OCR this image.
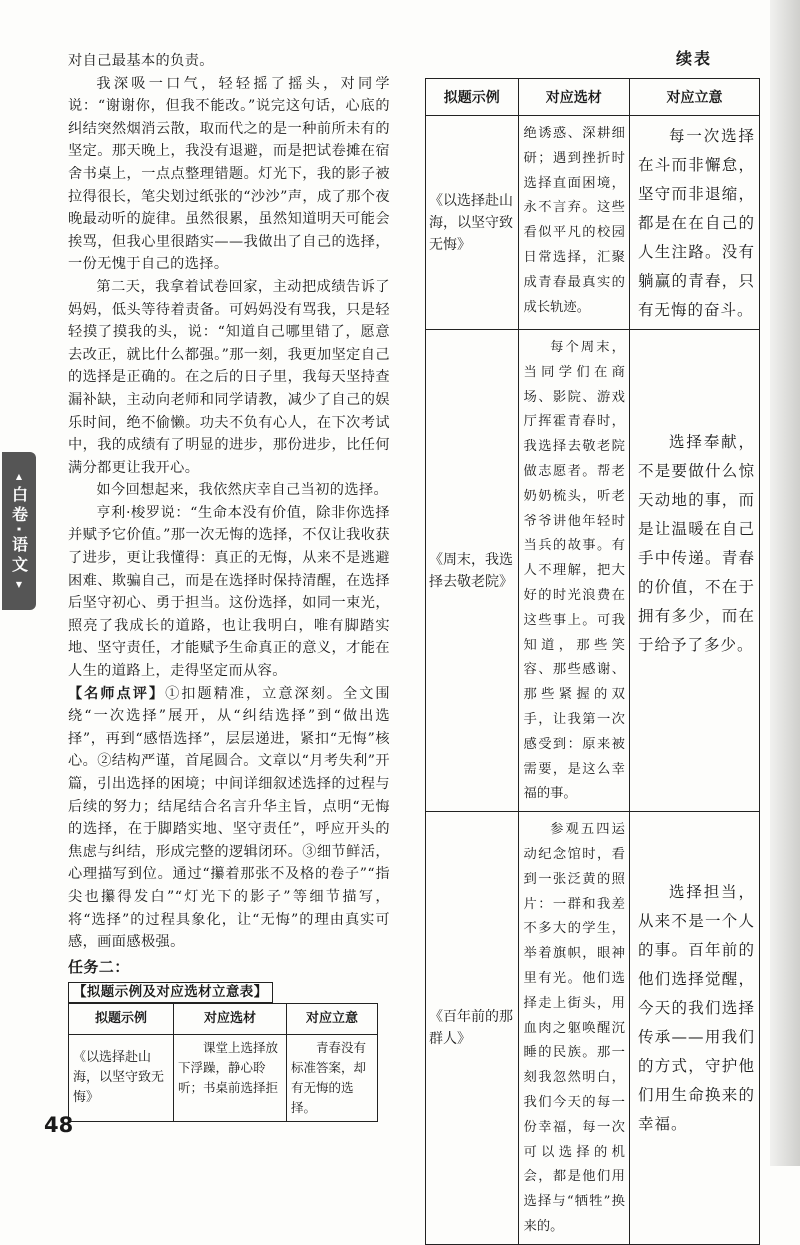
对自己最基本的负责。

我深吸一口气，轻轻摇了摇头，对同学说：“谢谢你，但我不能改。”说完这句话，心底的纠结突然烟消云散，取而代之的是一种前所未有的坚定。那天晚上，我没有退避，而是把试卷摊在宿舍书桌上，一点点整理错题。灯光下，我的影子被拉得很长，笔尖划过纸张的“沙沙”声，成了那个夜晚最动听的旋律。虽然很累，虽然知道明天可能会挨骂，但我心里很踏实——我做出了自己的选择，一份无愧于自己的选择。

第二天，我拿着试卷回家，主动把成绩告诉了妈妈，低头等待着责备。可妈妈没有骂我，只是轻轻摸了摸我的头，说：“知道自己哪里错了，愿意去改正，就比什么都强。”那一刻，我更加坚定自己的选择是正确的。在之后的日子里，我每天坚持查漏补缺，主动向老师和同学请教，减少了自己的娱乐时间，绝不偷懒。功夫不负有心人，在下次考试中，我的成绩有了明显的进步，那份进步，比任何满分都更让我开心。

如今回想起来，我依然庆幸自己当初的选择。

亨利·梭罗说：“生命本没有价值，除非你选择并赋予它价值。”那一次无悔的选择，不仅让我收获了进步，更让我懂得：真正的无悔，从来不是逃避困难、欺骗自己，而是在选择时保持清醒，在选择后坚守初心、勇于担当。这份选择，如同一束光，照亮了我成长的道路，也让我明白，唯有脚踏实地、坚守责任，才能赋予生命真正的意义，才能在人生的道路上，走得坚定而从容。

【名师点评】①扣题精准，立意深刻。全文围绕“一次选择”展开，从“纠结选择”到“做出选择”，再到“感悟选择”，层层递进，紧扣“无悔”核心。②结构严谨，首尾圆合。文章以“月考失利”开篇，引出选择的困境；中间详细叙述选择的过程与后续的努力；结尾结合名言升华主旨，点明“无悔的选择，在于脚踏实地、坚守责任”，呼应开头的焦虑与纠结，形成完整的逻辑闭环。③细节鲜活，心理描写到位。通过“攥着那张不及格的卷子”“指尖也攥得发白”“灯光下的影子”等细节描写，将“选择”的过程具象化，让“无悔”的理由真实可感，画面感极强。

任务二：

【拟题示例及对应选材立意表】
拟题示例	对应选材	对应立意
《以选择赴山海，以坚守致无悔》	课堂上选择放下浮躁，静心聆听；书桌前选择拒	青春没有标准答案，却有无悔的选择。
▲
白卷·语文
▼
48
续表
拟题示例	对应选材	对应立意
《以选择赴山海，以坚守致无悔》	绝诱惑、深耕细研；遇到挫折时选择直面困境，永不言弃。这些看似平凡的校园日常选择，汇聚成青春最真实的成长轨迹。	每一次选择在斗而非懈怠，坚守而非退缩，都是在在自己的人生注路。没有躺赢的青春，只有无悔的奋斗。

《周末，我选择去敬老院》	每个周末，当同学们在商场、影院、游戏厅挥霍青春时，我选择去敬老院做志愿者。帮老奶奶梳头，听老爷爷讲他年轻时当兵的故事。有人不理解，把大好的时光浪费在这些事上。可我知道，那些笑容、那些感谢、那些紧握的双手，让我第一次感受到：原来被需要，是这么幸福的事。	选择奉献，不是要做什么惊天动地的事，而是让温暖在自己手中传递。青春的价值，不在于拥有多少，而在于给予了多少。

《百年前的那群人》	参观五四运动纪念馆时，看到一张泛黄的照片：一群和我差不多大的学生，举着旗帜，眼神里有光。他们选择走上街头，用血肉之躯唤醒沉睡的民族。那一刻我忽然明白，我们今天的每一份幸福，每一次可以选择的机会，都是他们用选择与“牺牲”换来的。	选择担当，从来不是一个人的事。百年前的他们选择觉醒，今天的我们选择传承——用我们的方式，守护他们用生命换来的幸福。
